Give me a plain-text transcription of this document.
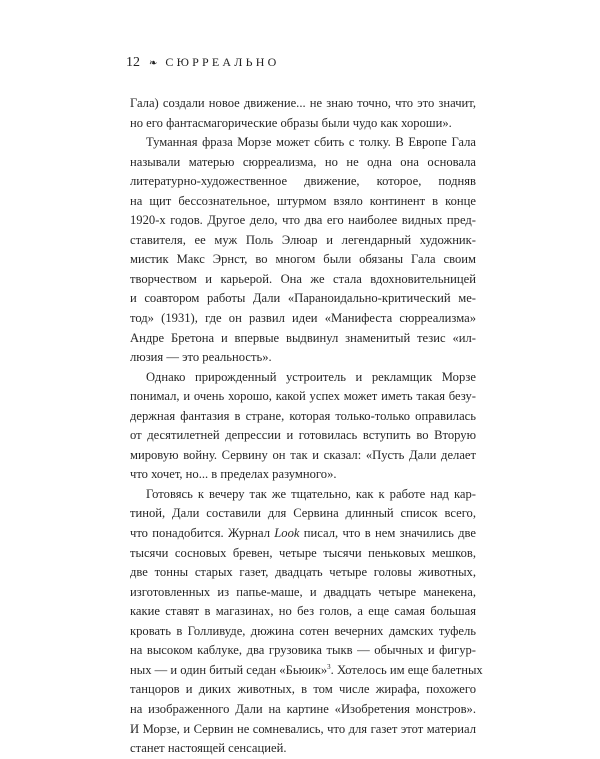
12 ❧ СЮРРЕАЛЬНО

Гала) создали новое движение... не знаю точно, что это значит,
но его фантасмагорические образы были чудо как хороши».

Туманная фраза Морзе может сбить с толку. В Европе Гала
называли матерью сюрреализма, но не одна она основала
литературно-художественное движение, которое, подняв
на щит бессознательное, штурмом взяло континент в конце
1920-х годов. Другое дело, что два его наиболее видных пред-
ставителя, ее муж Поль Элюар и легендарный художник-
мистик Макс Эрнст, во многом были обязаны Гала своим
творчеством и карьерой. Она же стала вдохновительницей
и соавтором работы Дали «Параноидально-критический ме-
тод» (1931), где он развил идеи «Манифеста сюрреализма»
Андре Бретона и впервые выдвинул знаменитый тезис «ил-
люзия — это реальность».

Однако прирожденный устроитель и рекламщик Морзе
понимал, и очень хорошо, какой успех может иметь такая безу-
держная фантазия в стране, которая только-только оправилась
от десятилетней депрессии и готовилась вступить во Вторую
мировую войну. Сервину он так и сказал: «Пусть Дали делает
что хочет, но... в пределах разумного».

Готовясь к вечеру так же тщательно, как к работе над кар-
тиной, Дали составили для Сервина длинный список всего,
что понадобится. Журнал Look писал, что в нем значились две
тысячи сосновых бревен, четыре тысячи пеньковых мешков,
две тонны старых газет, двадцать четыре головы животных,
изготовленных из папье-маше, и двадцать четыре манекена,
какие ставят в магазинах, но без голов, а еще самая большая
кровать в Голливуде, дюжина сотен вечерних дамских туфель
на высоком каблуке, два грузовика тыкв — обычных и фигур-
ных — и один битый седан «Бьюик»$^3$. Хотелось им еще балетных
танцоров и диких животных, в том числе жирафа, похожего
на изображенного Дали на картине «Изобретения монстров».
И Морзе, и Сервин не сомневались, что для газет этот материал
станет настоящей сенсацией.
